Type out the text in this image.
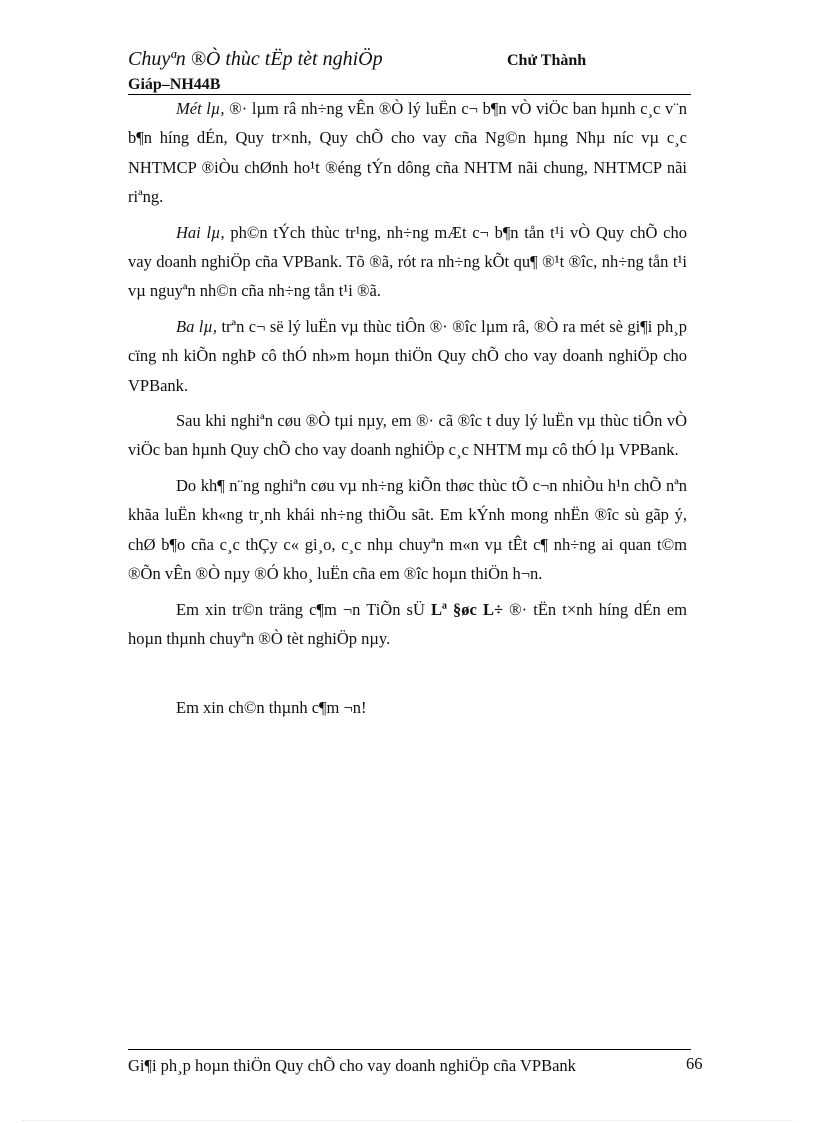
Chuyªn ®Ò thùc tËp tèt nghiÖp	Chử Thành
Giáp–NH44B

Mét lµ, ®· lµm râ nh÷ng vÊn ®Ò lý luËn c¬ b¶n vÒ viÖc ban hµnh c¸c v¨n b¶n híng dÉn, Quy tr×nh, Quy chÕ cho vay cña Ng©n hµng Nhµ níc vµ c¸c NHTMCP ®iÒu chØnh ho¹t ®éng tÝn dông cña NHTM nãi chung, NHTMCP nãi riªng.

Hai lµ, ph©n tÝch thùc tr¹ng, nh÷ng mÆt c¬ b¶n tån t¹i vÒ Quy chÕ cho vay doanh nghiÖp cña VPBank. Tõ ®ã, rót ra nh÷ng kÕt qu¶ ®¹t ®îc, nh÷ng tån t¹i vµ nguyªn nh©n cña nh÷ng tån t¹i ®ã.

Ba lµ, trªn c¬ së lý luËn vµ thùc tiÔn ®· ®îc lµm râ, ®Ò ra mét sè gi¶i ph¸p cïng nh kiÕn nghÞ cô thÓ nh»m hoµn thiÖn Quy chÕ cho vay doanh nghiÖp cho VPBank.

Sau khi nghiªn cøu ®Ò tµi nµy, em ®· cã ®îc t duy lý luËn vµ thùc tiÔn vÒ viÖc ban hµnh Quy chÕ cho vay doanh nghiÖp c¸c NHTM mµ cô thÓ lµ VPBank.

Do kh¶ n¨ng nghiªn cøu vµ nh÷ng kiÕn thøc thùc tÕ c¬n nhiÒu h¹n chÕ nªn khãa luËn kh«ng tr¸nh khái nh÷ng thiÕu sãt. Em kÝnh mong nhËn ®îc sù gãp ý, chØ b¶o cña c¸c thÇy c« gi¸o, c¸c nhµ chuyªn m«n vµ tÊt c¶ nh÷ng ai quan t©m ®Õn vÊn ®Ò nµy ®Ó kho¸ luËn cña em ®îc hoµn thiÖn h¬n.

Em xin tr©n träng c¶m ¬n TiÕn sÜ Lª §øc L÷ ®· tËn t×nh híng dÉn em hoµn thµnh chuyªn ®Ò tèt nghiÖp nµy.

Em xin ch©n thµnh c¶m ¬n!

Gi¶i ph¸p hoµn thiÖn Quy chÕ cho vay doanh nghiÖp cña VPBank	66
